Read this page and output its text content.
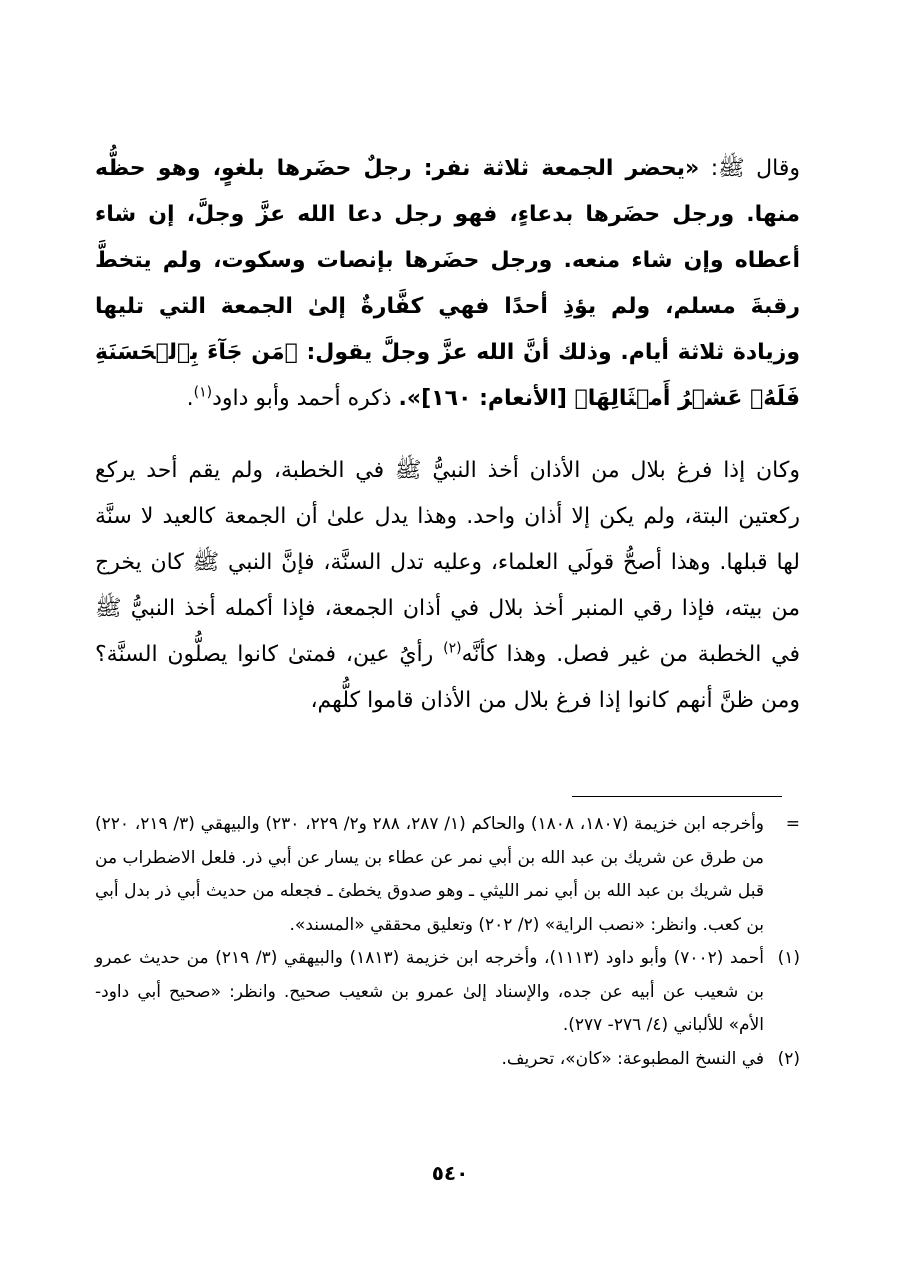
وقال ﷺ: «يحضر الجمعة ثلاثة نفر: رجلٌ حضَرها بلغوٍ، وهو حظُّه منها. ورجل حضَرها بدعاءٍ، فهو رجل دعا الله عزَّ وجلَّ، إن شاء أعطاه وإن شاء منعه. ورجل حضَرها بإنصات وسكوت، ولم يتخطَّ رقبةَ مسلم، ولم يؤذِ أحدًا فهي كفَّارةٌ إلىٰ الجمعة التي تليها وزيادة ثلاثة أيام. وذلك أنَّ الله عزَّ وجلَّ يقول: ﴿مَن جَآءَ بِٱلۡحَسَنَةِ فَلَهُۥ عَشۡرُ أَمۡثَالِهَا﴾ [الأنعام: ١٦٠]». ذكره أحمد وأبو داود$^{(١)}$.

وكان إذا فرغ بلال من الأذان أخذ النبيُّ ﷺ في الخطبة، ولم يقم أحد يركع ركعتين البتة، ولم يكن إلا أذان واحد. وهذا يدل علىٰ أن الجمعة كالعيد لا سنَّة لها قبلها. وهذا أصحُّ قولَي العلماء، وعليه تدل السنَّة، فإنَّ النبي ﷺ كان يخرج من بيته، فإذا رقي المنبر أخذ بلال في أذان الجمعة، فإذا أكمله أخذ النبيُّ ﷺ في الخطبة من غير فصل. وهذا كأنَّه$^{(٢)}$ رأيُ عين، فمتىٰ كانوا يصلُّون السنَّة؟ ومن ظنَّ أنهم كانوا إذا فرغ بلال من الأذان قاموا كلُّهم،

=
وأخرجه ابن خزيمة (١٨٠٧، ١٨٠٨) والحاكم (١/ ٢٨٧، ٢٨٨ و٢/ ٢٢٩، ٢٣٠) والبيهقي (٣/ ٢١٩، ٢٢٠) من طرق عن شريك بن عبد الله بن أبي نمر عن عطاء بن يسار عن أبي ذر. فلعل الاضطراب من قبل شريك بن عبد الله بن أبي نمر الليثي ـ وهو صدوق يخطئ ـ فجعله من حديث أبي ذر بدل أبي بن كعب. وانظر: «نصب الراية» (٢/ ٢٠٢) وتعليق محققي «المسند».

(١)
أحمد (٧٠٠٢) وأبو داود (١١١٣)، وأخرجه ابن خزيمة (١٨١٣) والبيهقي (٣/ ٢١٩) من حديث عمرو بن شعيب عن أبيه عن جده، والإسناد إلىٰ عمرو بن شعيب صحيح. وانظر: «صحيح أبي داود- الأم» للألباني (٤/ ٢٧٦- ٢٧٧).

(٢)
في النسخ المطبوعة: «كان»، تحريف.

٥٤٠
